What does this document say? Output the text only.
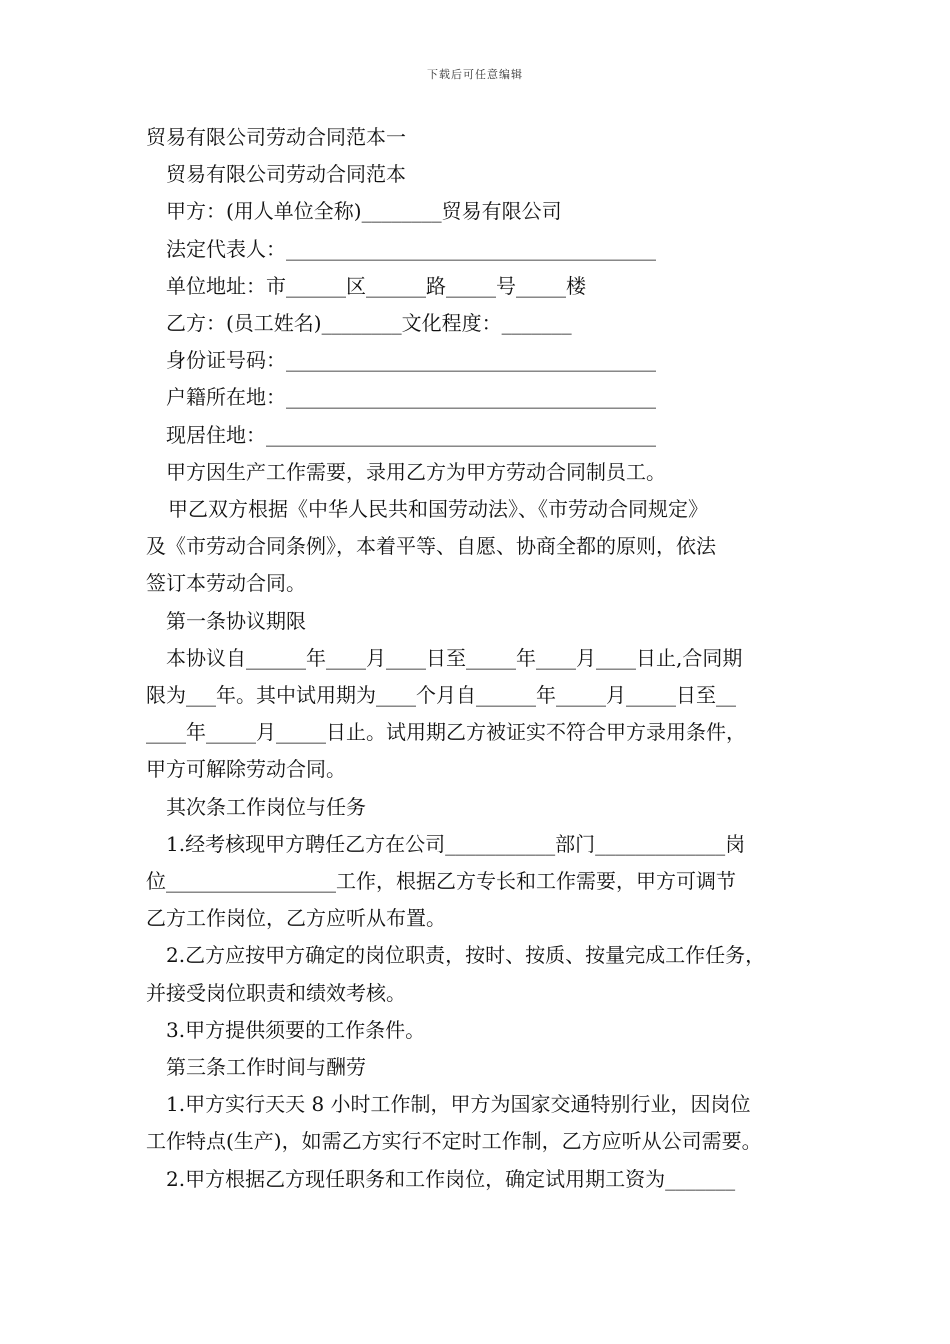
下载后可任意编辑
贸易有限公司劳动合同范本一
贸易有限公司劳动合同范本
甲方：(用人单位全称)________贸易有限公司
法定代表人：_____________________________________
单位地址：市______区______路_____号_____楼
乙方：(员工姓名)________文化程度：_______
身份证号码：_____________________________________
户籍所在地：_____________________________________
现居住地：_______________________________________
甲方因生产工作需要，录用乙方为甲方劳动合同制员工。
甲乙双方根据《中华人民共和国劳动法》、《市劳动合同规定》
及《市劳动合同条例》，本着平等、自愿、协商全都的原则，依法
签订本劳动合同。
第一条协议期限
本协议自______年____月____日至_____年____月____日止,合同期
限为___年。其中试用期为____个月自______年_____月_____日至__
____年_____月_____日止。试用期乙方被证实不符合甲方录用条件，
甲方可解除劳动合同。
其次条工作岗位与任务
1.经考核现甲方聘任乙方在公司___________部门_____________岗
位_________________工作，根据乙方专长和工作需要，甲方可调节
乙方工作岗位，乙方应听从布置。
2.乙方应按甲方确定的岗位职责，按时、按质、按量完成工作任务，
并接受岗位职责和绩效考核。
3.甲方提供须要的工作条件。
第三条工作时间与酬劳
1.甲方实行天天 8 小时工作制，甲方为国家交通特别行业，因岗位
工作特点(生产)，如需乙方实行不定时工作制，乙方应听从公司需要。
2.甲方根据乙方现任职务和工作岗位，确定试用期工资为_______
